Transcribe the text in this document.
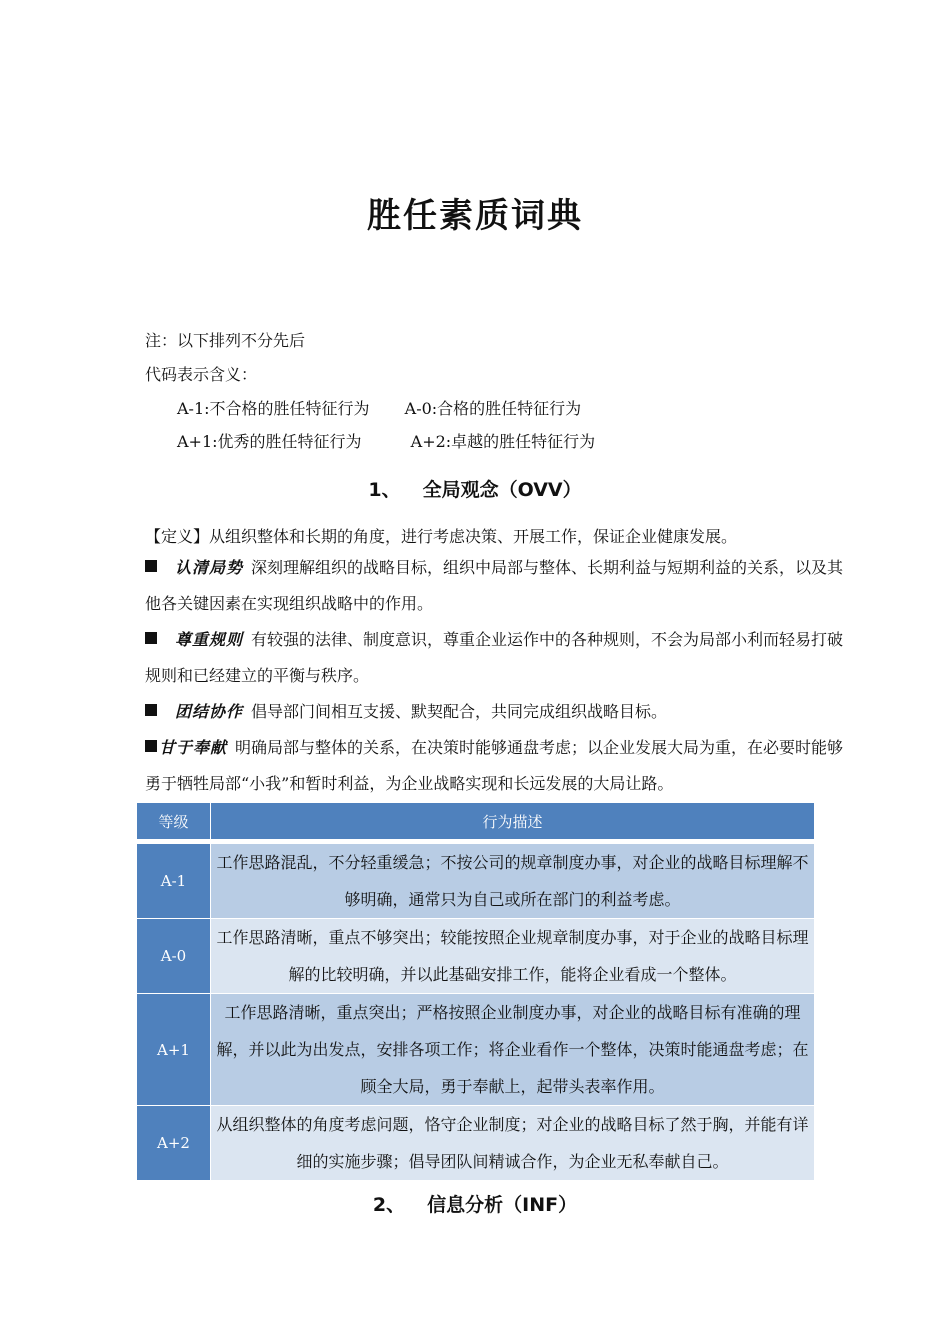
胜任素质词典
注：以下排列不分先后
代码表示含义：
A-1:不合格的胜任特征行为 A-0:合格的胜任特征行为
A+1:优秀的胜任特征行为	A+2:卓越的胜任特征行为
1、 全局观念（OVV）
【定义】从组织整体和长期的角度，进行考虑决策、开展工作，保证企业健康发展。
认清局势 深刻理解组织的战略目标，组织中局部与整体、长期利益与短期利益的关系，以及其他各关键因素在实现组织战略中的作用。
尊重规则 有较强的法律、制度意识，尊重企业运作中的各种规则，不会为局部小利而轻易打破规则和已经建立的平衡与秩序。
团结协作 倡导部门间相互支援、默契配合，共同完成组织战略目标。
甘于奉献 明确局部与整体的关系，在决策时能够通盘考虑；以企业发展大局为重，在必要时能够勇于牺牲局部“小我”和暂时利益，为企业战略实现和长远发展的大局让路。
等级	行为描述

A-1	工作思路混乱，不分轻重缓急；不按公司的规章制度办事，对企业的战略目标理解不够明确，通常只为自己或所在部门的利益考虑。
A-0	工作思路清晰，重点不够突出；较能按照企业规章制度办事，对于企业的战略目标理解的比较明确，并以此基础安排工作，能将企业看成一个整体。
A+1	工作思路清晰，重点突出；严格按照企业制度办事，对企业的战略目标有准确的理解，并以此为出发点，安排各项工作；将企业看作一个整体，决策时能通盘考虑；在顾全大局，勇于奉献上，起带头表率作用。
A+2	从组织整体的角度考虑问题，恪守企业制度；对企业的战略目标了然于胸，并能有详细的实施步骤；倡导团队间精诚合作，为企业无私奉献自己。
2、 信息分析（INF）
